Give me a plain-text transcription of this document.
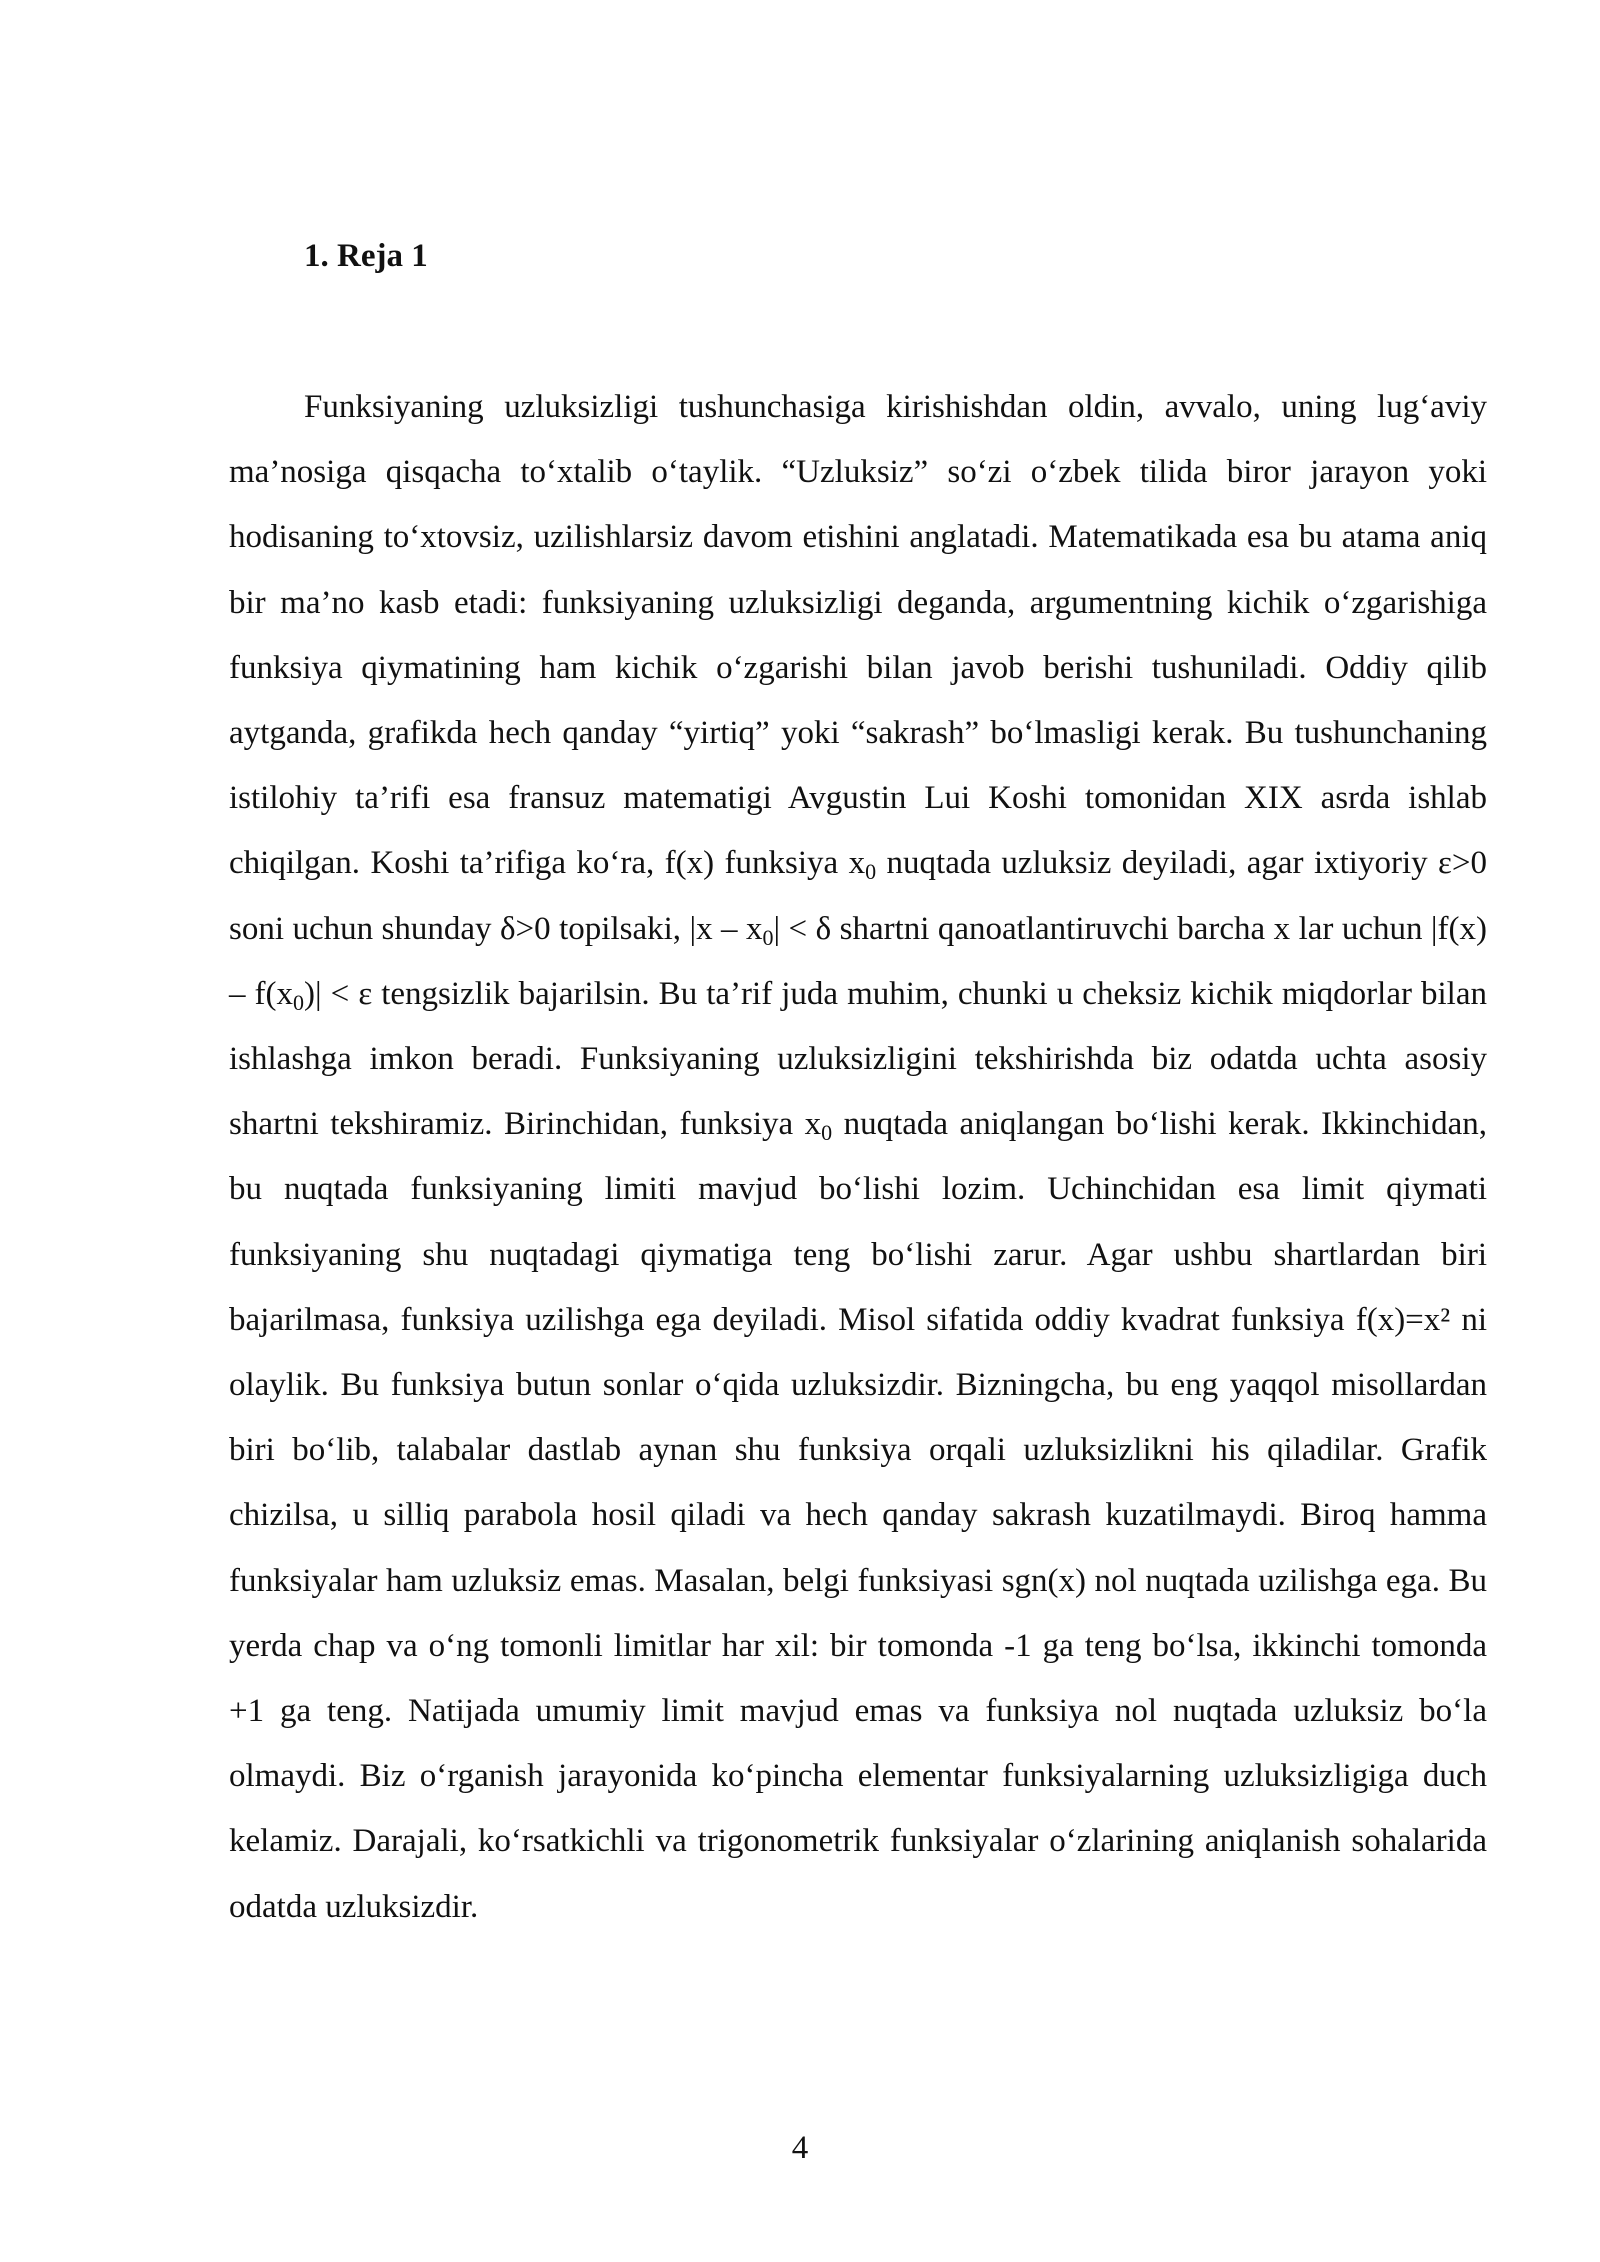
1. Reja 1

Funksiyaning uzluksizligi tushunchasiga kirishishdan oldin, avvalo, uning lug‘aviy ma’nosiga qisqacha to‘xtalib o‘taylik. “Uzluksiz” so‘zi o‘zbek tilida biror jarayon yoki hodisaning to‘xtovsiz, uzilishlarsiz davom etishini anglatadi. Matematikada esa bu atama aniq bir ma’no kasb etadi: funksiyaning uzluksizligi deganda, argumentning kichik o‘zgarishiga funksiya qiymatining ham kichik o‘zgarishi bilan javob berishi tushuniladi. Oddiy qilib aytganda, grafikda hech qanday “yirtiq” yoki “sakrash” bo‘lmasligi kerak. Bu tushunchaning istilohiy ta’rifi esa fransuz matematigi Avgustin Lui Koshi tomonidan XIX asrda ishlab chiqilgan. Koshi ta’rifiga ko‘ra, f(x) funksiya $x_0$ nuqtada uzluksiz deyiladi, agar ixtiyoriy ε>0 soni uchun shunday δ>0 topilsaki, $|x - x_0| < \delta$ shartni qanoatlantiruvchi barcha x lar uchun $|f(x) - f(x_0)| < \varepsilon$ tengsizlik bajarilsin. Bu ta’rif juda muhim, chunki u cheksiz kichik miqdorlar bilan ishlashga imkon beradi. Funksiyaning uzluksizligini tekshirishda biz odatda uchta asosiy shartni tekshiramiz. Birinchidan, funksiya $x_0$ nuqtada aniqlangan bo‘lishi kerak. Ikkinchidan, bu nuqtada funksiyaning limiti mavjud bo‘lishi lozim. Uchinchidan esa limit qiymati funksiyaning shu nuqtadagi qiymatiga teng bo‘lishi zarur. Agar ushbu shartlardan biri bajarilmasa, funksiya uzilishga ega deyiladi. Misol sifatida oddiy kvadrat funksiya f(x)=x² ni olaylik. Bu funksiya butun sonlar o‘qida uzluksizdir. Bizningcha, bu eng yaqqol misollardan biri bo‘lib, talabalar dastlab aynan shu funksiya orqali uzluksizlikni his qiladilar. Grafik chizilsa, u silliq parabola hosil qiladi va hech qanday sakrash kuzatilmaydi. Biroq hamma funksiyalar ham uzluksiz emas. Masalan, belgi funksiyasi sgn(x) nol nuqtada uzilishga ega. Bu yerda chap va o‘ng tomonli limitlar har xil: bir tomonda -1 ga teng bo‘lsa, ikkinchi tomonda +1 ga teng. Natijada umumiy limit mavjud emas va funksiya nol nuqtada uzluksiz bo‘la olmaydi. Biz o‘rganish jarayonida ko‘pincha elementar funksiyalarning uzluksizligiga duch kelamiz. Darajali, ko‘rsatkichli va trigonometrik funksiyalar o‘zlarining aniqlanish sohalarida odatda uzluksizdir.

4
